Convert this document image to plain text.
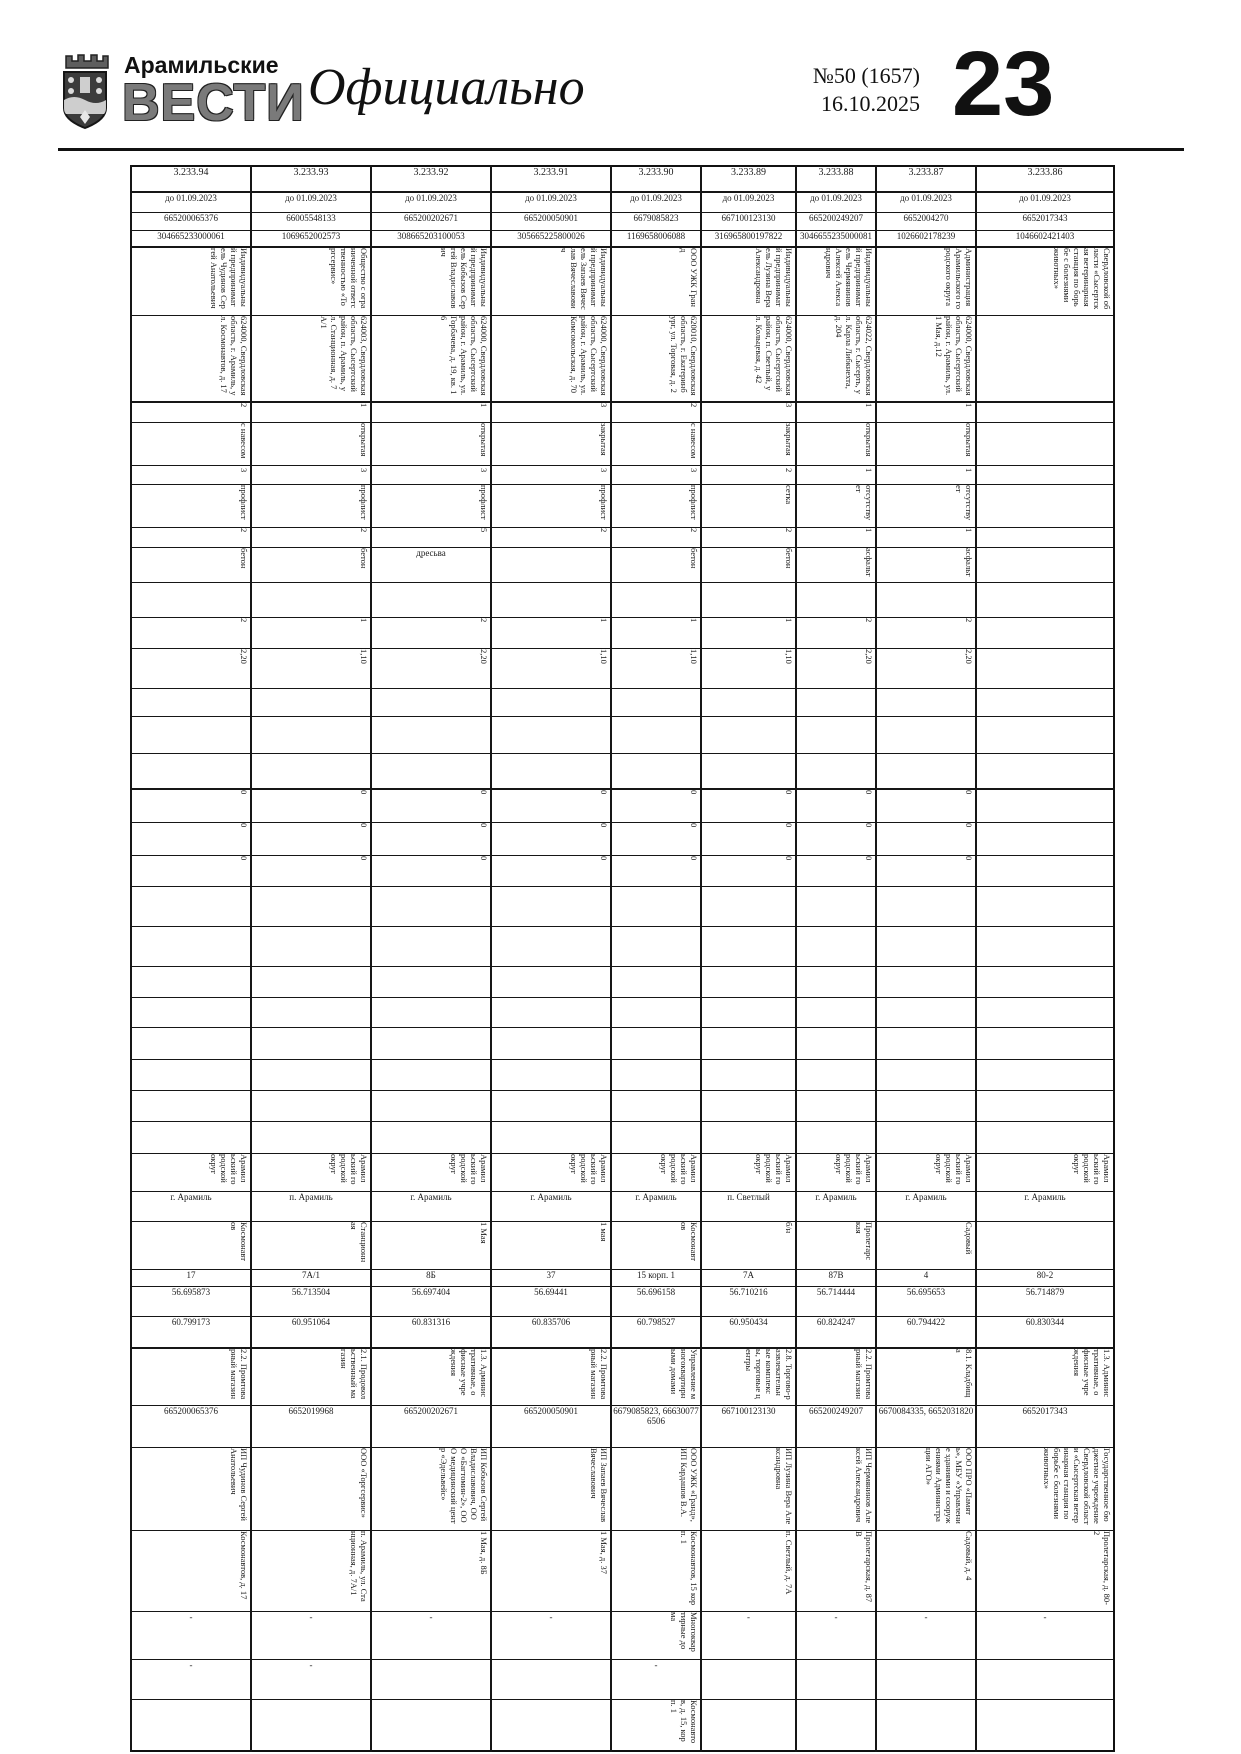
Арамильские
ВЕСТИ Официально	№50 (1657)
16.10.2025 23
3.233.94	3.233.93	3.233.92	3.233.91	3.233.90	3.233.89	3.233.88	3.233.87	3.233.86

до 01.09.2023	до 01.09.2023	до 01.09.2023	до 01.09.2023	до 01.09.2023	до 01.09.2023	до 01.09.2023	до 01.09.2023	до 01.09.2023

665200065376	66005548133	665200202671	665200050901	6679085823	667100123130	665200249207	6652004270	6652017343

304665233000061	1069652002573	308665203100053	305665225800026	1169658006088	316965800197822	3046655235000081	1026602178239	1046602421403

Индивидуальный предприниматель Чудинов Сергей Анатольевич	Общество с ограниченной ответственностью «Торгсервис»	Индивидуальный предприниматель Кобызов Сергей Владиславович	Индивидуальный предприниматель Запаев Вячеслав Вячеславович	ООО УЖК Гранд	Индивидуальный предприниматель Лузина Вера Александровна	Индивидуальный предприниматель Чермянинов Алексей Александрович	Администрация Арамильского городского округа	Свердловской области «Сысертская ветеринарная станция по борьбе с болезнями животных»
624000, Свердловская область, г. Арамиль, ул. Космонавтов, д. 17	624003, Свердловская область, Сысертский район, п. Арамиль, ул. Станционная, д. 7А/1	624000, Свердловская область, Сысертский район, г. Арамиль, ул. Горбачева, д. 19, кв. 16	624000, Свердловская область, Сысертский район, г. Арамиль, ул. Комсомольская, д. 70	620010, Свердловская область, г. Екатеринбург, ул. Торговая, д. 2	624000, Свердловская область, Сысертский район, п. Светлый, ул. Кольцевая, д. 42	624022, Свердловская область, г. Сысерть, ул. Карла Либкнехта, д. 204	624000, Свердловская область, Сысертский район, г. Арамиль, ул. 1 Мая, д.12	
2	1	1	3	2	3	1	1	
с навесом	открытая	открытая	закрытая	с навесом	закрытая	открытая	открытая	
3	3	3	3	3	2	1	1	
профлист	профлист	профлист	профлист	профлист	сетка	отсутствует	отсутствует	
2	2	5	2	2	2	1	1	
бетон	бетон	дресьва		бетон	бетон	асфальт	асфальт	

2	1	2	1	1	1	2	2	
2,20	1,10	2,20	1,10	1,10	1,10	2,20	2,20	

0	0	0	0	0	0	0	0	
0	0	0	0	0	0	0	0	
0	0	0	0	0	0	0	0	

Арамильский городской округ	Арамильский городской округ	Арамильский городской округ	Арамильский городской округ	Арамильский городской округ	Арамильский городской округ	Арамильский городской округ	Арамильский городской округ	Арамильский городской округ

г. Арамиль	п. Арамиль	г. Арамиль	г. Арамиль	г. Арамиль	п. Светлый	г. Арамиль	г. Арамиль	г. Арамиль

Космонавтов	Станционная	1 Мая	1 мая	Космонавтов	б/н	Пролетарская	Садовый	

17	7А/1	8Б	37	15 корп. 1	7А	87В	4	80-2

56.695873	56.713504	56.697404	56.69441	56.696158	56.710216	56.714444	56.695653	56.714879

60.799173	60.951064	60.831316	60.835706	60.798527	60.950434	60.824247	60.794422	60.830344

2.2. Промтоварный магазин	2.1. Продовольственный магазин	1.3. Административные, офисные учреждения	2.2. Промтоварный магазин	Управление многоквартирными домами	2.8. Торгово-развлекательные комплексы, торговые центры	2.2. Промтоварный магазин	8.1. Кладбища	1.3. Административные, офисные учреждения

665200065376	6652019968	665200202671	665200050901	6679085823, 666300776506	667100123130	665200249207	6670084335, 6652031820	6652017343

ИП Чудинов Сергей Анатольевич	ООО «Торгсервис»	ИП Кобызов Сергей Владиславович, ООО «Багтомин-2», ООО медицинский центр «Эдельвейс»	ИП Запаев Вячеслав Вячеславович	ООО УЖК «Гранд», ИП Кардашов В.А.	ИП Лузина Вера Александровна	ИП Чермянинов Алексей Александрович	ООО ПРО «Память», МБУ «Управление зданиями и сооружениями Администрации АГО»	Государственное бюджетное учреждение Свердловской области «Сысертская ветеринарная станция по борьбе с болезнями животных»
Космонавтов, д. 17	п. Арамиль, ул. Станционная, д. 7А/1	1 Мая, д. 8Б	1 Мая, д. 37	Космонавтов, 15 корп. 1	п. Светлый, д. 7А	Пролетарская, д. 87В	Садовый, д. 4	Пролетарская, д. 80-2

-	-	-	-	Многоквартирные дома	-	-	-	-

-	-			-				

				Космонавтов, д. 15, корп. 1				
